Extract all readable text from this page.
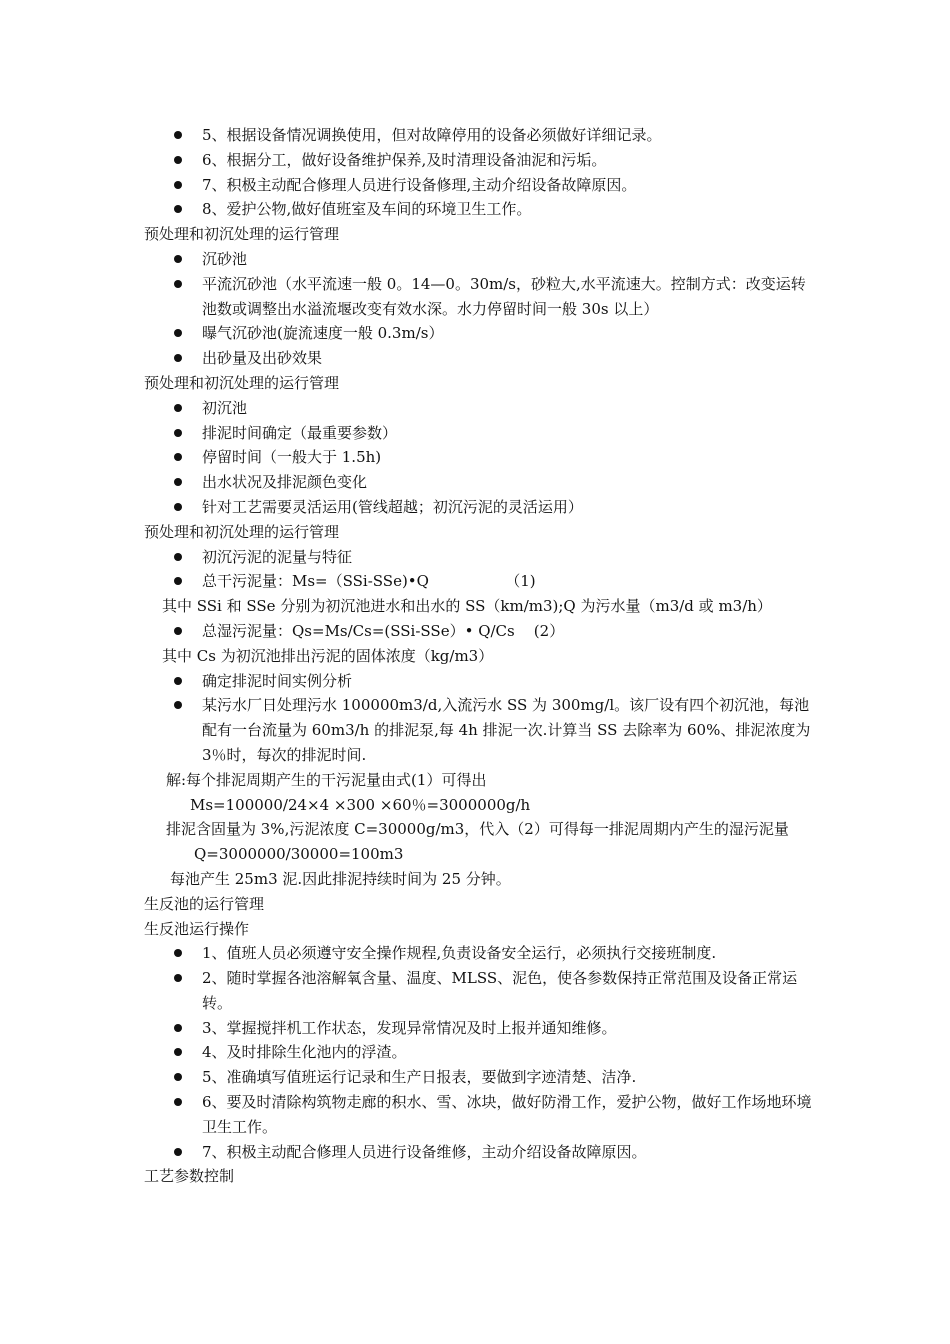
5、根据设备情况调换使用，但对故障停用的设备必须做好详细记录。
6、根据分工，做好设备维护保养,及时清理设备油泥和污垢。
7、积极主动配合修理人员进行设备修理,主动介绍设备故障原因。
8、爱护公物,做好值班室及车间的环境卫生工作。
预处理和初沉处理的运行管理
沉砂池
平流沉砂池（水平流速一般 0。14—0。30m/s，砂粒大,水平流速大。控制方式：改变运转池数或调整出水溢流堰改变有效水深。水力停留时间一般 30s 以上）
曝气沉砂池(旋流速度一般 0.3m/s）
出砂量及出砂效果
预处理和初沉处理的运行管理
初沉池
排泥时间确定（最重要参数）
停留时间（一般大于 1.5h)
出水状况及排泥颜色变化
针对工艺需要灵活运用(管线超越；初沉污泥的灵活运用）
预处理和初沉处理的运行管理
初沉污泥的泥量与特征
总干污泥量：Ms=（SSi-SSe)•Q                （1)
其中 SSi 和 SSe 分别为初沉池进水和出水的 SS（km/m3);Q 为污水量（m3/d 或 m3/h）
总湿污泥量：Qs=Ms/Cs=(SSi-SSe）• Q/Cs    (2）
其中 Cs 为初沉池排出污泥的固体浓度（kg/m3）
确定排泥时间实例分析
某污水厂日处理污水 100000m3/d,入流污水 SS 为 300mg/l。该厂设有四个初沉池，每池配有一台流量为 60m3/h 的排泥泵,每 4h 排泥一次.计算当 SS 去除率为 60%、排泥浓度为 3％时，每次的排泥时间.
解:每个排泥周期产生的干污泥量由式(1）可得出
Ms=100000/24×4 ×300 ×60％=3000000g/h
排泥含固量为 3%,污泥浓度 C=30000g/m3，代入（2）可得每一排泥周期内产生的湿污泥量
Q=3000000/30000=100m3
每池产生 25m3 泥.因此排泥持续时间为 25 分钟。
生反池的运行管理
生反池运行操作
1、值班人员必须遵守安全操作规程,负责设备安全运行，必须执行交接班制度.
2、随时掌握各池溶解氧含量、温度、MLSS、泥色，使各参数保持正常范围及设备正常运转。
3、掌握搅拌机工作状态，发现异常情况及时上报并通知维修。
4、及时排除生化池内的浮渣。
5、准确填写值班运行记录和生产日报表，要做到字迹清楚、洁净.
6、要及时清除构筑物走廊的积水、雪、冰块，做好防滑工作，爱护公物，做好工作场地环境卫生工作。
7、积极主动配合修理人员进行设备维修，主动介绍设备故障原因。
工艺参数控制
